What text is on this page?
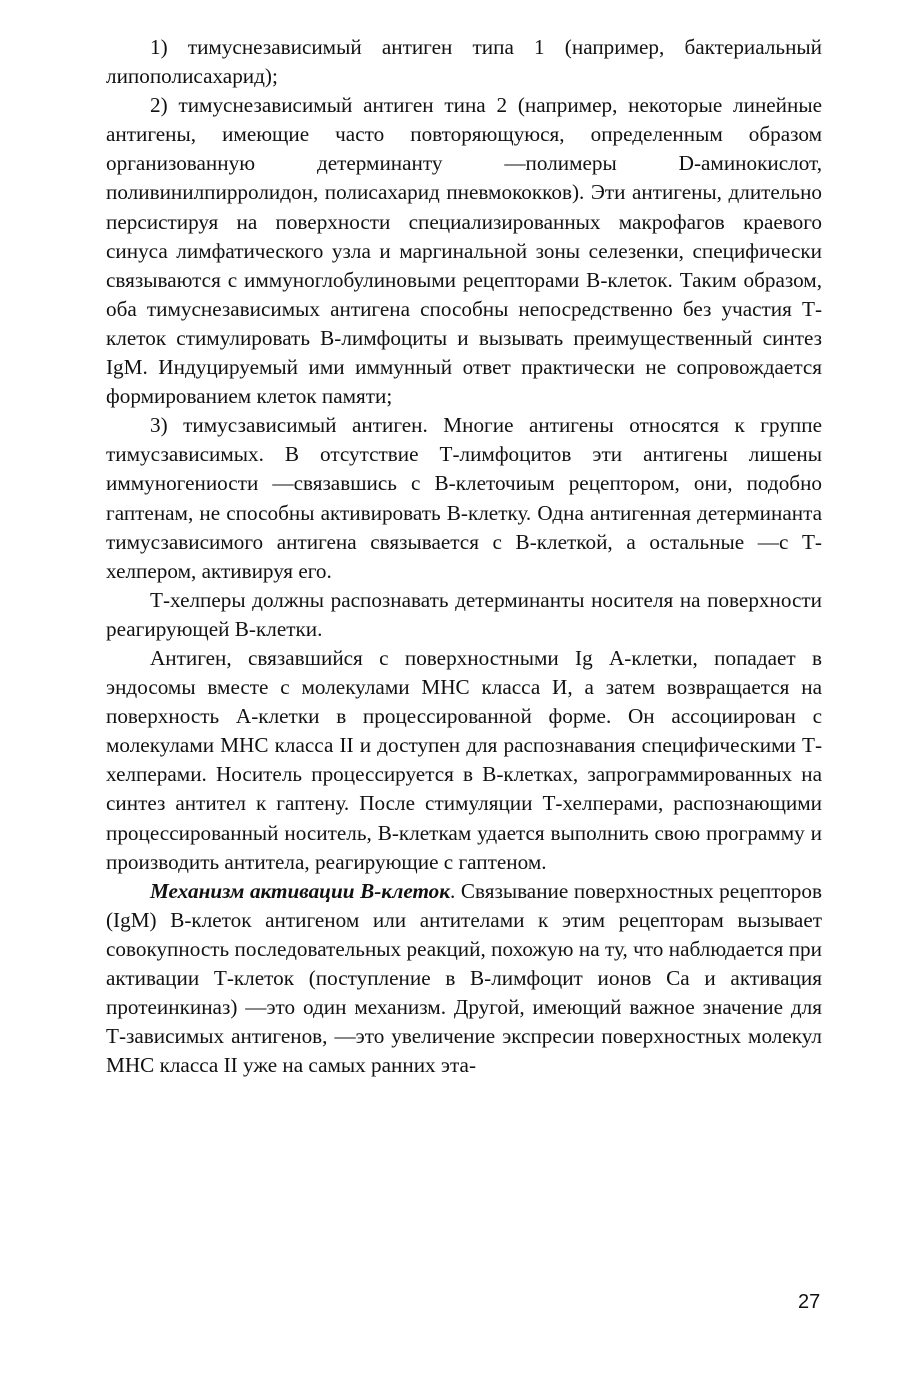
1) тимуснезависимый антиген типа 1 (например, бактериальный липополисахарид);

2) тимуснезависимый антиген тина 2 (например, некоторые линейные антигены, имеющие часто повторяющуюся, определенным образом организованную детерминанту —полимеры D-аминокислот, поливинилпирролидон, полисахарид пневмококков). Эти антигены, длительно персистируя на поверхности специализированных макрофагов краевого синуса лимфатического узла и маргинальной зоны селезенки, специфически связываются с иммуноглобулиновыми рецепторами В-клеток. Таким образом, оба тимуснезависимых антигена способны непосредственно без участия Т-клеток стимулировать В-лимфоциты и вызывать преимущественный синтез IgM. Индуцируемый ими иммунный ответ практически не сопровождается формированием клеток памяти;

3) тимусзависимый антиген. Многие антигены относятся к группе тимусзависимых. В отсутствие Т-лимфоцитов эти антигены лишены иммуногениости —связавшись с В-клеточиым рецептором, они, подобно гаптенам, не способны активировать В-клетку. Одна антигенная детерминанта тимусзависимого антигена связывается с В-клеткой, а остальные —с Т-хелпером, активируя его.

Т-хелперы должны распознавать детерминанты носителя на поверхности реагирующей В-клетки.

Антиген, связавшийся с поверхностными Ig А-клетки, попадает в эндосомы вместе с молекулами МНС класса И, а затем возвращается на поверхность А-клетки в процессированной форме. Он ассоциирован с молекулами МНС класса II и доступен для распознавания специфическими Т-хелперами. Носитель процессируется в В-клетках, запрограммированных на синтез антител к гаптену. После стимуляции Т-хелперами, распознающими процессированный носитель, В-клеткам удается выполнить свою программу и производить антитела, реагирующие с гаптеном.

Механизм активации В-клеток. Связывание поверхностных рецепторов (IgM) В-клеток антигеном или антителами к этим рецепторам вызывает совокупность последовательных реакций, похожую на ту, что наблюдается при активации Т-клеток (поступление в В-лимфоцит ионов Са и активация протеинкиназ) —это один механизм. Другой, имеющий важное значение для Т-зависимых антигенов, —это увеличение экспресии поверхностных молекул МНС класса II уже на самых ранних эта-

27
